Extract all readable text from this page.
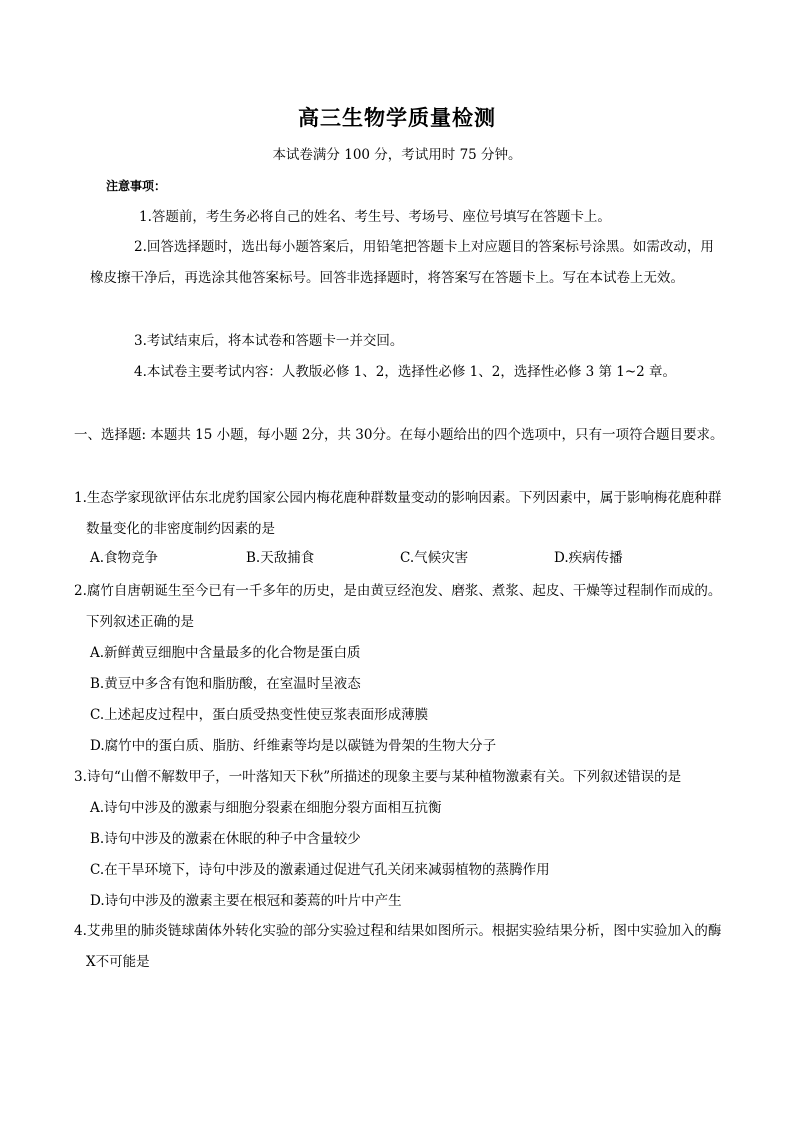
高三生物学质量检测
本试卷满分 100 分，考试用时 75 分钟。
注意事项：
1.答题前，考生务必将自己的姓名、考生号、考场号、座位号填写在答题卡上。
2.回答选择题时，选出每小题答案后，用铅笔把答题卡上对应题目的答案标号涂黑。如需改动，用橡皮擦干净后，再选涂其他答案标号。回答非选择题时，将答案写在答题卡上。写在本试卷上无效。
3.考试结束后，将本试卷和答题卡一并交回。
4.本试卷主要考试内容：人教版必修 1、2，选择性必修 1、2，选择性必修 3 第 1~2 章。
一、选择题: 本题共 15 小题，每小题 2分，共 30分。在每小题给出的四个选项中，只有一项符合题目要求。
1.生态学家现欲评估东北虎豹国家公园内梅花鹿种群数量变动的影响因素。下列因素中，属于影响梅花鹿种群数量变化的非密度制约因素的是
A.食物竞争	B.天敌捕食	C.气候灾害	D.疾病传播
2.腐竹自唐朝诞生至今已有一千多年的历史，是由黄豆经泡发、磨浆、煮浆、起皮、干燥等过程制作而成的。下列叙述正确的是
A.新鲜黄豆细胞中含量最多的化合物是蛋白质
B.黄豆中多含有饱和脂肪酸，在室温时呈液态
C.上述起皮过程中，蛋白质受热变性使豆浆表面形成薄膜
D.腐竹中的蛋白质、脂肪、纤维素等均是以碳链为骨架的生物大分子
3.诗句“山僧不解数甲子，一叶落知天下秋”所描述的现象主要与某种植物激素有关。下列叙述错误的是
A.诗句中涉及的激素与细胞分裂素在细胞分裂方面相互抗衡
B.诗句中涉及的激素在休眠的种子中含量较少
C.在干旱环境下，诗句中涉及的激素通过促进气孔关闭来减弱植物的蒸腾作用
D.诗句中涉及的激素主要在根冠和萎蔫的叶片中产生
4.艾弗里的肺炎链球菌体外转化实验的部分实验过程和结果如图所示。根据实验结果分析，图中实验加入的酶 X不可能是
